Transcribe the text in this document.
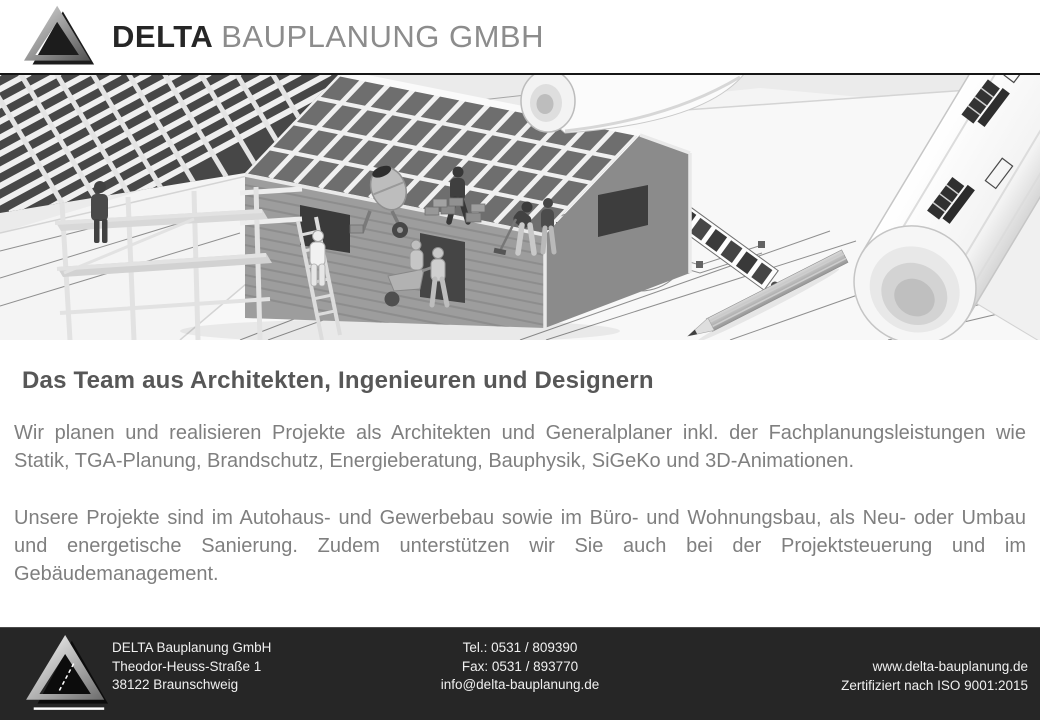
DELTA BAUPLANUNG GMBH
Das Team aus Architekten, Ingenieuren und Designern

Wir planen und realisieren Projekte als Architekten und Generalplaner inkl. der Fachplanungsleistungen wie Statik, TGA-Planung, Brandschutz, Energieberatung, Bauphysik, SiGeKo und 3D-Animationen.

Unsere Projekte sind im Autohaus- und Gewerbebau sowie im Büro- und Wohnungsbau, als Neu- oder Umbau und energetische Sanierung. Zudem unterstützen wir Sie auch bei der Projektsteuerung und im Gebäudemanagement.

DELTA Bauplanung GmbH
Theodor-Heuss-Straße 1
38122 Braunschweig
Tel.: 0531 / 809390
Fax: 0531 / 893770
info@delta-bauplanung.de
www.delta-bauplanung.de
Zertifiziert nach ISO 9001:2015
